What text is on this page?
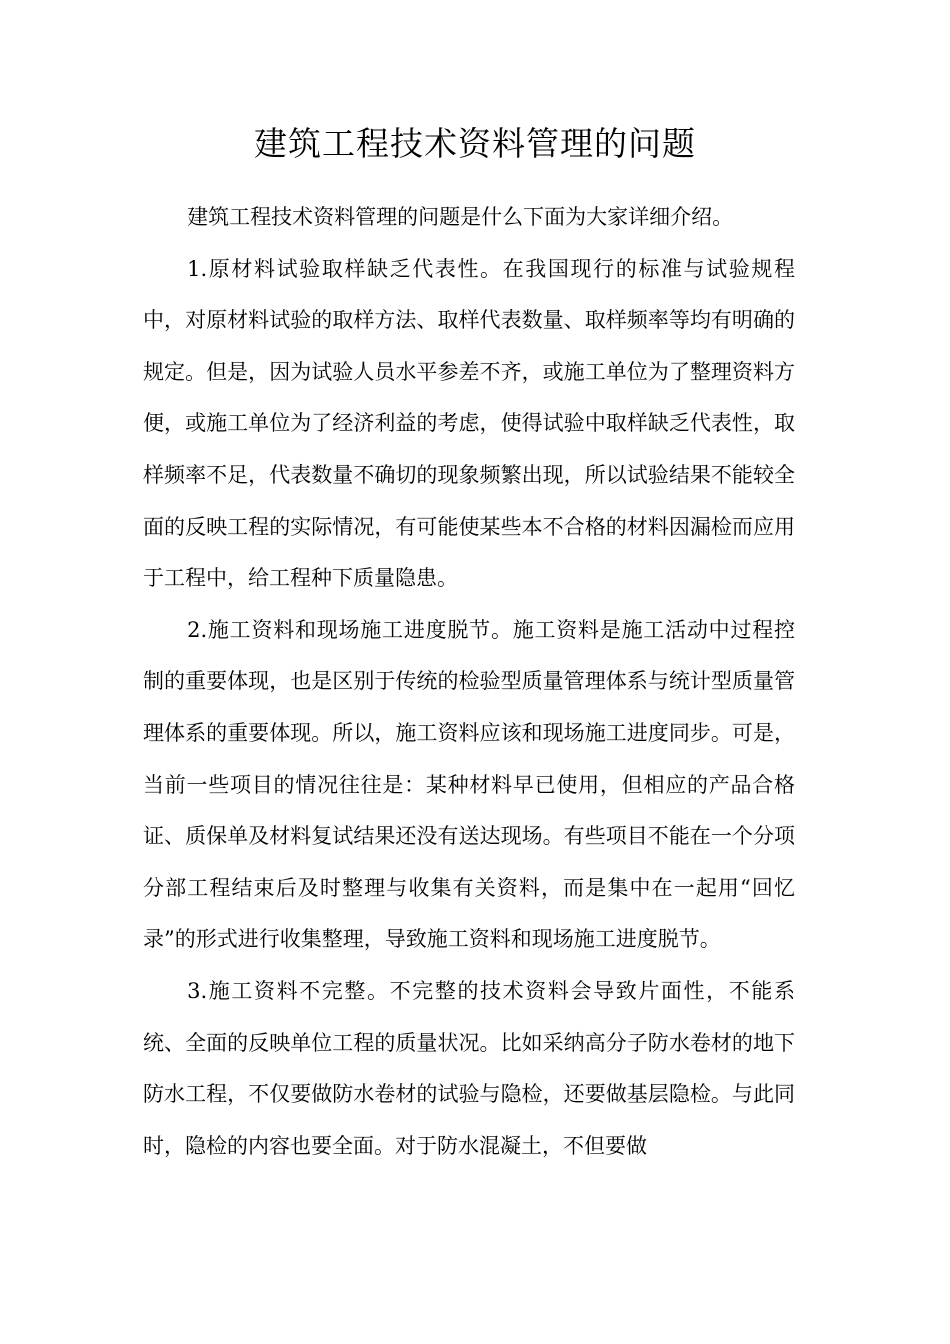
建筑工程技术资料管理的问题

建筑工程技术资料管理的问题是什么下面为大家详细介绍。

1.原材料试验取样缺乏代表性。在我国现行的标准与试验规程中，对原材料试验的取样方法、取样代表数量、取样频率等均有明确的规定。但是，因为试验人员水平参差不齐，或施工单位为了整理资料方便，或施工单位为了经济利益的考虑，使得试验中取样缺乏代表性，取样频率不足，代表数量不确切的现象频繁出现，所以试验结果不能较全面的反映工程的实际情况，有可能使某些本不合格的材料因漏检而应用于工程中，给工程种下质量隐患。

2.施工资料和现场施工进度脱节。施工资料是施工活动中过程控制的重要体现，也是区别于传统的检验型质量管理体系与统计型质量管理体系的重要体现。所以，施工资料应该和现场施工进度同步。可是，当前一些项目的情况往往是：某种材料早已使用，但相应的产品合格证、质保单及材料复试结果还没有送达现场。有些项目不能在一个分项分部工程结束后及时整理与收集有关资料，而是集中在一起用“回忆录”的形式进行收集整理，导致施工资料和现场施工进度脱节。

3.施工资料不完整。不完整的技术资料会导致片面性，不能系统、全面的反映单位工程的质量状况。比如采纳高分子防水卷材的地下防水工程，不仅要做防水卷材的试验与隐检，还要做基层隐检。与此同时，隐检的内容也要全面。对于防水混凝土，不但要做
